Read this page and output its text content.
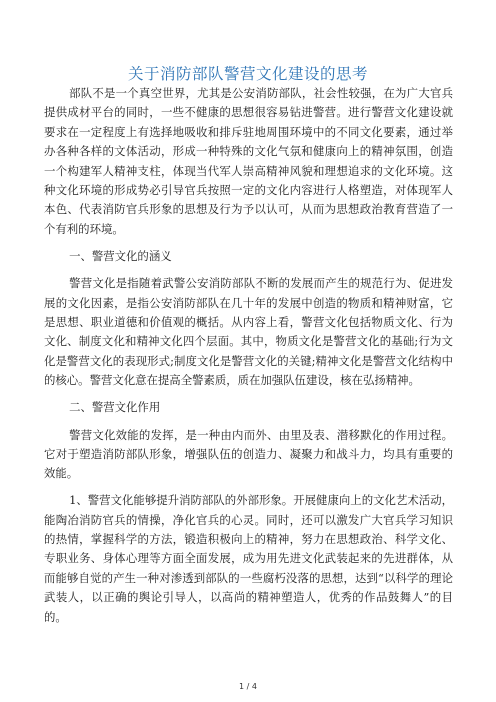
关于消防部队警营文化建设的思考

部队不是一个真空世界，尤其是公安消防部队，社会性较强，在为广大官兵提供成材平台的同时，一些不健康的思想很容易钻进警营。进行警营文化建设就要求在一定程度上有选择地吸收和排斥驻地周围环境中的不同文化要素，通过举办各种各样的文体活动，形成一种特殊的文化气氛和健康向上的精神氛围，创造一个构建军人精神支柱，体现当代军人崇高精神风貌和理想追求的文化环境。这种文化环境的形成势必引导官兵按照一定的文化内容进行人格塑造，对体现军人本色、代表消防官兵形象的思想及行为予以认可，从而为思想政治教育营造了一个有利的环境。

一、警营文化的涵义

警营文化是指随着武警公安消防部队不断的发展而产生的规范行为、促进发展的文化因素，是指公安消防部队在几十年的发展中创造的物质和精神财富，它是思想、职业道德和价值观的概括。从内容上看，警营文化包括物质文化、行为文化、制度文化和精神文化四个层面。其中，物质文化是警营文化的基础;行为文化是警营文化的表现形式;制度文化是警营文化的关键;精神文化是警营文化结构中的核心。警营文化意在提高全警素质，质在加强队伍建设，核在弘扬精神。

二、警营文化作用

警营文化效能的发挥，是一种由内而外、由里及表、潜移默化的作用过程。它对于塑造消防部队形象，增强队伍的创造力、凝聚力和战斗力，均具有重要的效能。

1、警营文化能够提升消防部队的外部形象。开展健康向上的文化艺术活动，能陶冶消防官兵的情操，净化官兵的心灵。同时，还可以激发广大官兵学习知识的热情，掌握科学的方法，锻造积极向上的精神，努力在思想政治、科学文化、专职业务、身体心理等方面全面发展，成为用先进文化武装起来的先进群体，从而能够自觉的产生一种对渗透到部队的一些腐朽没落的思想，达到“以科学的理论武装人，以正确的舆论引导人，以高尚的精神塑造人，优秀的作品鼓舞人”的目的。

1 / 4
